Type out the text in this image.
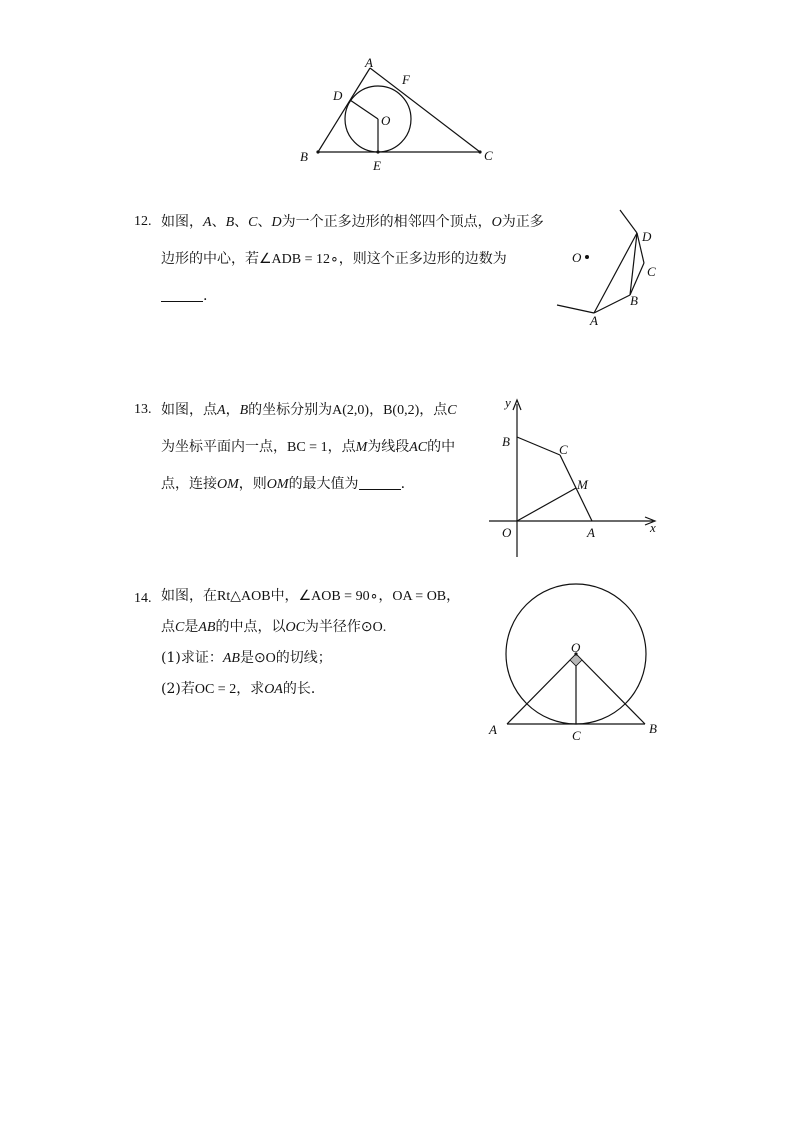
A
F
D
O
B
E
C
12. 如图，A、B、C、D为一个正多边形的相邻四个顶点，O为正多
边形的中心，若∠ADB = 12∘，则这个正多边形的边数为
.
O
D
C
B
A
13. 如图，点A，B的坐标分别为A(2,0)，B(0,2)，点C
为坐标平面内一点，BC = 1，点M为线段AC的中
点，连接OM，则OM的最大值为	.
y
x
B
C
M
O	A
14. 如图，在Rt△AOB中，∠AOB = 90∘，OA = OB，
点C是AB的中点，以OC为半径作⊙O.
(1)求证：AB是⊙O的切线；
(2)若OC = 2，求OA的长．
O
A	C	B
